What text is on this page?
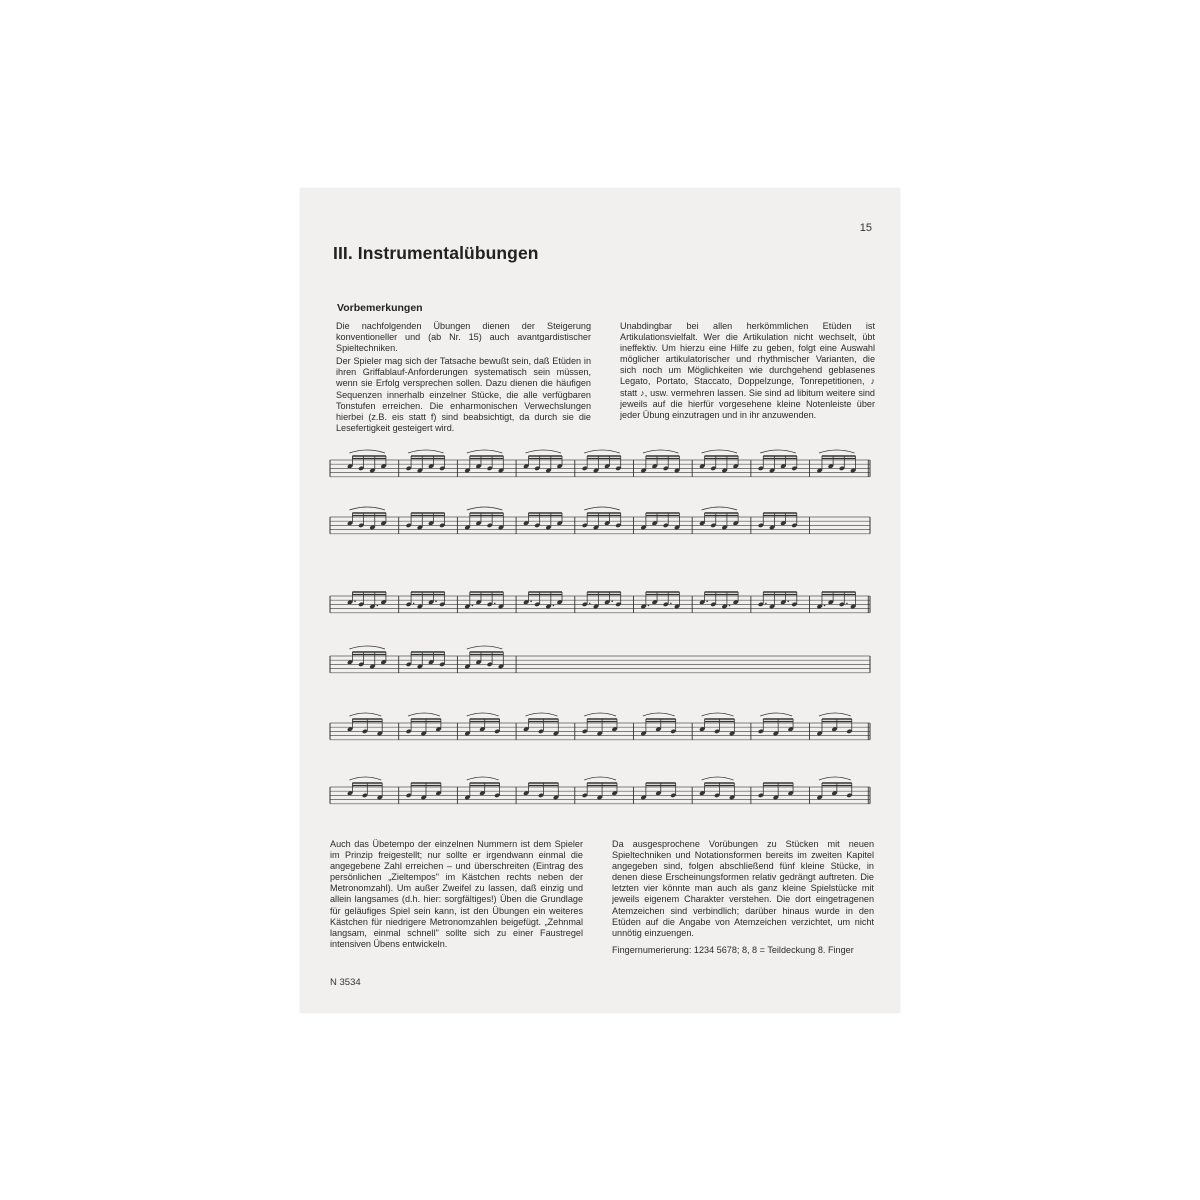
15
III. Instrumentalübungen
Vorbemerkungen

Die nachfolgenden Übungen dienen der Steigerung konventioneller und (ab Nr. 15) auch avantgardistischer Spieltechniken.

Der Spieler mag sich der Tatsache bewußt sein, daß Etüden in ihren Griffablauf-Anforderungen systematisch sein müssen, wenn sie Erfolg versprechen sollen. Dazu dienen die häufigen Sequenzen innerhalb einzelner Stücke, die alle verfügbaren Tonstufen erreichen. Die enharmonischen Verwechslungen hierbei (z.B. eis statt f) sind beabsichtigt, da durch sie die Lesefertigkeit gesteigert wird.

Unabdingbar bei allen herkömmlichen Etüden ist Artikulationsvielfalt. Wer die Artikulation nicht wechselt, übt ineffektiv. Um hierzu eine Hilfe zu geben, folgt eine Auswahl möglicher artikulatorischer und rhythmischer Varianten, die sich noch um Möglichkeiten wie durchgehend geblasenes Legato, Portato, Staccato, Doppelzunge, Tonrepetitionen, ♪ statt ♪, usw. vermehren lassen. Sie sind ad libitum weitere sind jeweils auf die hierfür vorgesehene kleine Notenleiste über jeder Übung einzutragen und in ihr anzuwenden.

Auch das Übetempo der einzelnen Nummern ist dem Spieler im Prinzip freigestellt; nur sollte er irgendwann einmal die angegebene Zahl erreichen – und überschreiten (Eintrag des persönlichen „Zieltempos" im Kästchen rechts neben der Metronomzahl). Um außer Zweifel zu lassen, daß einzig und allein langsames (d.h. hier: sorgfältiges!) Üben die Grundlage für geläufiges Spiel sein kann, ist den Übungen ein weiteres Kästchen für niedrigere Metronomzahlen beigefügt. „Zehnmal langsam, einmal schnell" sollte sich zu einer Faustregel intensiven Übens entwickeln.

Da ausgesprochene Vorübungen zu Stücken mit neuen Spieltechniken und Notationsformen bereits im zweiten Kapitel angegeben sind, folgen abschließend fünf kleine Stücke, in denen diese Erscheinungsformen relativ gedrängt auftreten. Die letzten vier könnte man auch als ganz kleine Spielstücke mit jeweils eigenem Charakter verstehen. Die dort eingetragenen Atemzeichen sind verbindlich; darüber hinaus wurde in den Etüden auf die Angabe von Atemzeichen verzichtet, um nicht unnötig einzuengen.

Fingernumerierung: 1234 5678; 8, 8 = Teildeckung 8. Finger

N 3534
